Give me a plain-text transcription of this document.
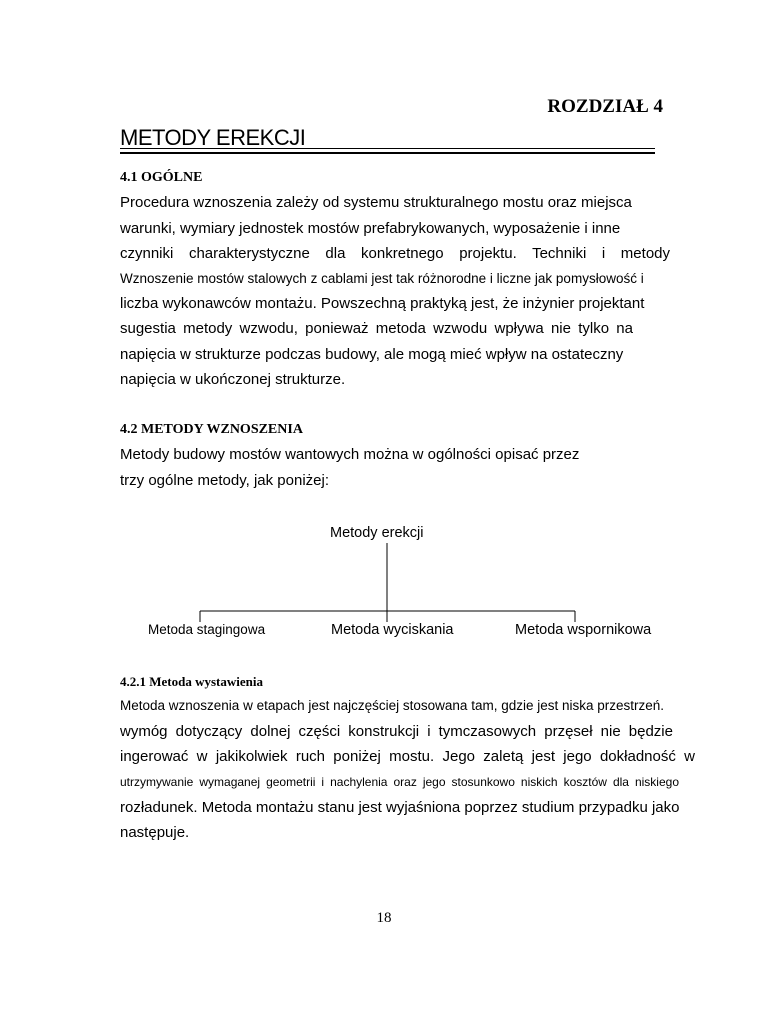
ROZDZIAŁ 4
METODY EREKCJI
4.1 OGÓLNE
Procedura wznoszenia zależy od systemu strukturalnego mostu oraz miejsca
warunki, wymiary jednostek mostów prefabrykowanych, wyposażenie i inne
czynniki charakterystyczne dla konkretnego projektu. Techniki i metody
Wznoszenie mostów stalowych z cablami jest tak różnorodne i liczne jak pomysłowość i
liczba wykonawców montażu. Powszechną praktyką jest, że inżynier projektant
sugestia metody wzwodu, ponieważ metoda wzwodu wpływa nie tylko na
napięcia w strukturze podczas budowy, ale mogą mieć wpływ na ostateczny
napięcia w ukończonej strukturze.
4.2 METODY WZNOSZENIA
Metody budowy mostów wantowych można w ogólności opisać przez
trzy ogólne metody, jak poniżej:
Metody erekcji
Metoda stagingowa	Metoda wyciskania	Metoda wspornikowa
4.2.1 Metoda wystawienia
Metoda wznoszenia w etapach jest najczęściej stosowana tam, gdzie jest niska przestrzeń.
wymóg dotyczący dolnej części konstrukcji i tymczasowych przęseł nie będzie
ingerować w jakikolwiek ruch poniżej mostu. Jego zaletą jest jego dokładność w
utrzymywanie wymaganej geometrii i nachylenia oraz jego stosunkowo niskich kosztów dla niskiego
rozładunek. Metoda montażu stanu jest wyjaśniona poprzez studium przypadku jako
następuje.
18
